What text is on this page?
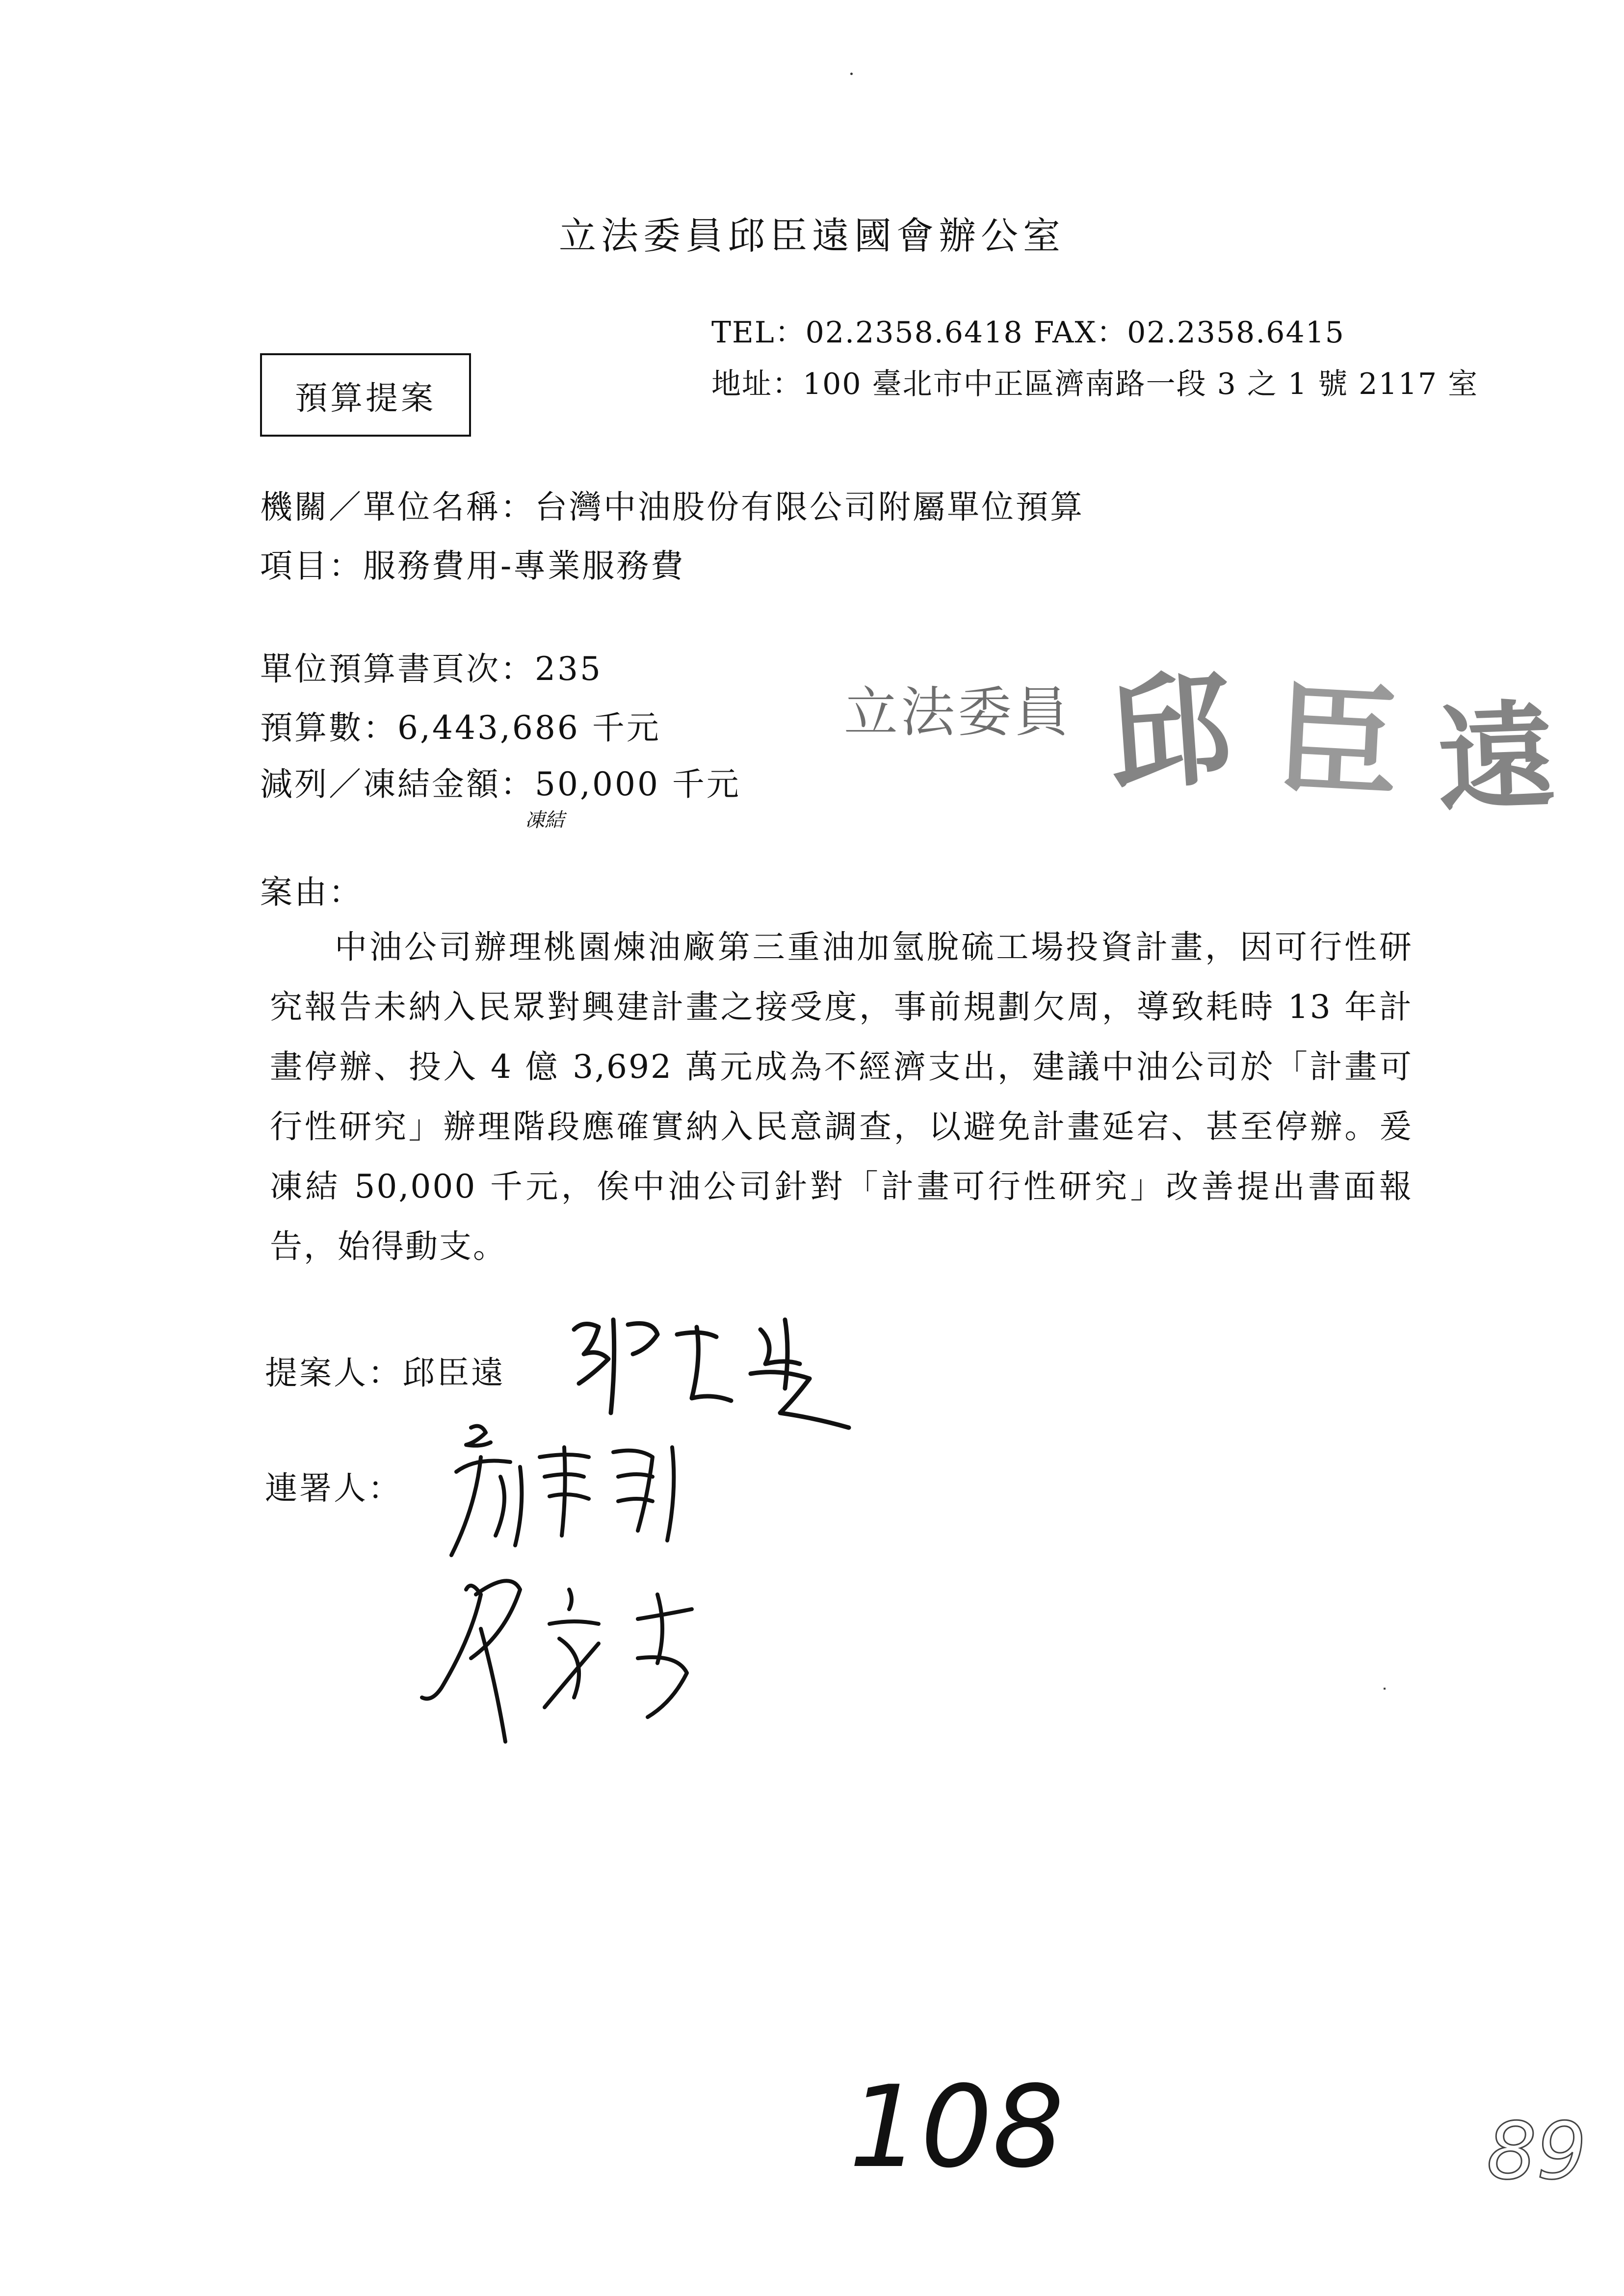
立法委員邱臣遠國會辦公室
TEL：02.2358.6418 FAX：02.2358.6415
地址：100 臺北市中正區濟南路一段 3 之 1 號 2117 室
預算提案
機關／單位名稱：台灣中油股份有限公司附屬單位預算
項目：服務費用-專業服務費
單位預算書頁次：235
預算數：6,443,686 千元
減列／凍結金額：50,000 千元
凍結
立法委員 邱 臣 遠
案由：

中油公司辦理桃園煉油廠第三重油加氫脫硫工場投資計畫，因可行性研究報告未納入民眾對興建計畫之接受度，事前規劃欠周，導致耗時 13 年計畫停辦、投入 4 億 3,692 萬元成為不經濟支出，建議中油公司於「計畫可行性研究」辦理階段應確實納入民意調查，以避免計畫延宕、甚至停辦。爰凍結 50,000 千元，俟中油公司針對「計畫可行性研究」改善提出書面報告，始得動支。

提案人：邱臣遠
連署人：
108	89
